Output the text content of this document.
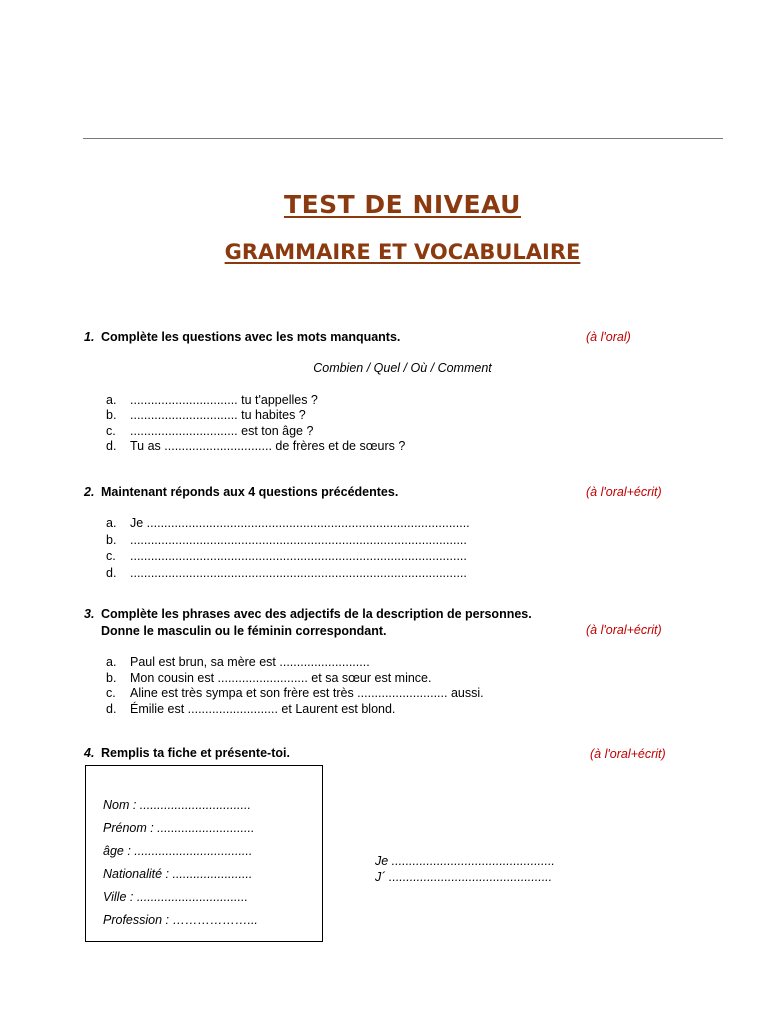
TEST DE NIVEAU
GRAMMAIRE ET VOCABULAIRE
1. Complète les questions avec les mots manquants.	(à l'oral)
Combien / Quel / Où / Comment
a.	............................... tu t'appelles ?
b.	............................... tu habites ?
c.	............................... est ton âge ?
d.	Tu as ............................... de frères et de sœurs ?
2. Maintenant réponds aux 4 questions précédentes.	(à l'oral+écrit)
a.	Je .............................................................................................
b.	.................................................................................................
c.	.................................................................................................
d.	.................................................................................................
3. Complète les phrases avec des adjectifs de la description de personnes.
Donne le masculin ou le féminin correspondant.	(à l'oral+écrit)
a.	Paul est brun, sa mère est ..........................
b.	Mon cousin est .......................... et sa sœur est mince.
c.	Aline est très sympa et son frère est très .......................... aussi.
d.	Émilie est .......................... et Laurent est blond.
4. Remplis ta fiche et présente-toi.	(à l'oral+écrit)
Nom : ................................
Prénom : ............................
âge : ..................................
Nationalité : .......................
Ville : ................................
Profession : ………………...
Je ...............................................
J´ ...............................................
